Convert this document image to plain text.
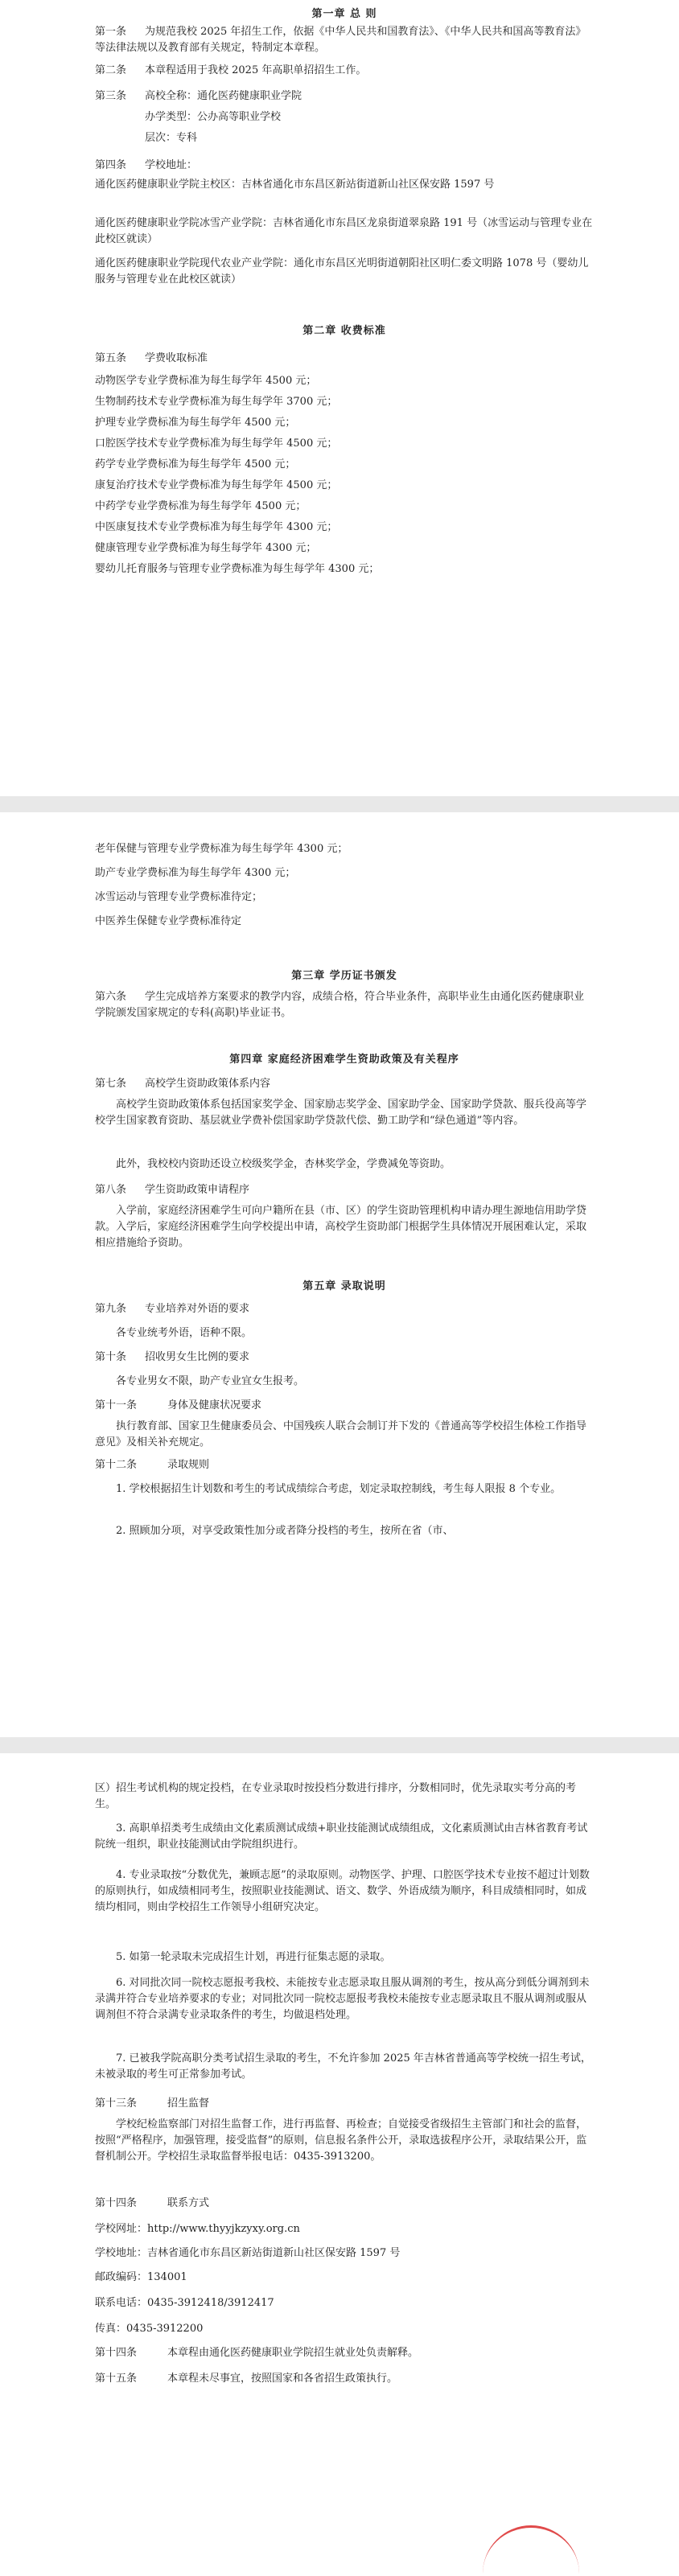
第一章 总 则
第一条 为规范我校 2025 年招生工作，依据《中华人民共和国教育法》、《中华人民共和国高等教育法》等法律法规以及教育部有关规定，特制定本章程。
第二条 本章程适用于我校 2025 年高职单招招生工作。
第三条 高校全称：通化医药健康职业学院
办学类型：公办高等职业学校
层次：专科
第四条 学校地址：
通化医药健康职业学院主校区：吉林省通化市东昌区新站街道新山社区保安路 1597 号
通化医药健康职业学院冰雪产业学院：吉林省通化市东昌区龙泉街道翠泉路 191 号（冰雪运动与管理专业在此校区就读）
通化医药健康职业学院现代农业产业学院：通化市东昌区光明街道朝阳社区明仁委文明路 1078 号（婴幼儿服务与管理专业在此校区就读）
第二章 收费标准
第五条 学费收取标准
动物医学专业学费标准为每生每学年 4500 元；
生物制药技术专业学费标准为每生每学年 3700 元；
护理专业学费标准为每生每学年 4500 元；
口腔医学技术专业学费标准为每生每学年 4500 元；
药学专业学费标准为每生每学年 4500 元；
康复治疗技术专业学费标准为每生每学年 4500 元；
中药学专业学费标准为每生每学年 4500 元；
中医康复技术专业学费标准为每生每学年 4300 元；
健康管理专业学费标准为每生每学年 4300 元；
婴幼儿托育服务与管理专业学费标准为每生每学年 4300 元；
老年保健与管理专业学费标准为每生每学年 4300 元；
助产专业学费标准为每生每学年 4300 元；
冰雪运动与管理专业学费标准待定；
中医养生保健专业学费标准待定
第三章 学历证书颁发
第六条 学生完成培养方案要求的教学内容，成绩合格，符合毕业条件，高职毕业生由通化医药健康职业学院颁发国家规定的专科(高职)毕业证书。
第四章 家庭经济困难学生资助政策及有关程序
第七条 高校学生资助政策体系内容
高校学生资助政策体系包括国家奖学金、国家励志奖学金、国家助学金、国家助学贷款、服兵役高等学校学生国家教育资助、基层就业学费补偿国家助学贷款代偿、勤工助学和“绿色通道”等内容。
此外，我校校内资助还设立校级奖学金，杏林奖学金，学费减免等资助。
第八条 学生资助政策申请程序
入学前，家庭经济困难学生可向户籍所在县（市、区）的学生资助管理机构申请办理生源地信用助学贷款。入学后，家庭经济困难学生向学校提出申请，高校学生资助部门根据学生具体情况开展困难认定，采取相应措施给予资助。
第五章 录取说明
第九条 专业培养对外语的要求
各专业统考外语，语种不限。
第十条 招收男女生比例的要求
各专业男女不限，助产专业宜女生报考。
第十一条	身体及健康状况要求
执行教育部、国家卫生健康委员会、中国残疾人联合会制订并下发的《普通高等学校招生体检工作指导意见》及相关补充规定。
第十二条	录取规则
1. 学校根据招生计划数和考生的考试成绩综合考虑，划定录取控制线，考生每人限报 8 个专业。
2. 照顾加分项，对享受政策性加分或者降分投档的考生，按所在省（市、
区）招生考试机构的规定投档，在专业录取时按投档分数进行排序，分数相同时，优先录取实考分高的考生。
3. 高职单招类考生成绩由文化素质测试成绩+职业技能测试成绩组成，文化素质测试由吉林省教育考试院统一组织，职业技能测试由学院组织进行。
4. 专业录取按“分数优先，兼顾志愿”的录取原则。动物医学、护理、口腔医学技术专业按不超过计划数的原则执行，如成绩相同考生，按照职业技能测试、语文、数学、外语成绩为顺序，科目成绩相同时，如成绩均相同，则由学校招生工作领导小组研究决定。
5. 如第一轮录取未完成招生计划，再进行征集志愿的录取。
6. 对同批次同一院校志愿报考我校、未能按专业志愿录取且服从调剂的考生，按从高分到低分调剂到未录满并符合专业培养要求的专业；对同批次同一院校志愿报考我校未能按专业志愿录取且不服从调剂或服从调剂但不符合录满专业录取条件的考生，均做退档处理。
7. 已被我学院高职分类考试招生录取的考生，不允许参加 2025 年吉林省普通高等学校统一招生考试，未被录取的考生可正常参加考试。
第十三条	招生监督
学校纪检监察部门对招生监督工作，进行再监督、再检查；自觉接受省级招生主管部门和社会的监督，按照“严格程序，加强管理，接受监督”的原则，信息报名条件公开，录取选拔程序公开，录取结果公开，监督机制公开。学校招生录取监督举报电话：0435-3913200。
第十四条	联系方式
学校网址：http://www.thyyjkzyxy.org.cn
学校地址：吉林省通化市东昌区新站街道新山社区保安路 1597 号
邮政编码：134001
联系电话：0435-3912418/3912417
传真：0435-3912200
第十四条	本章程由通化医药健康职业学院招生就业处负责解释。
第十五条	本章程未尽事宜，按照国家和各省招生政策执行。
